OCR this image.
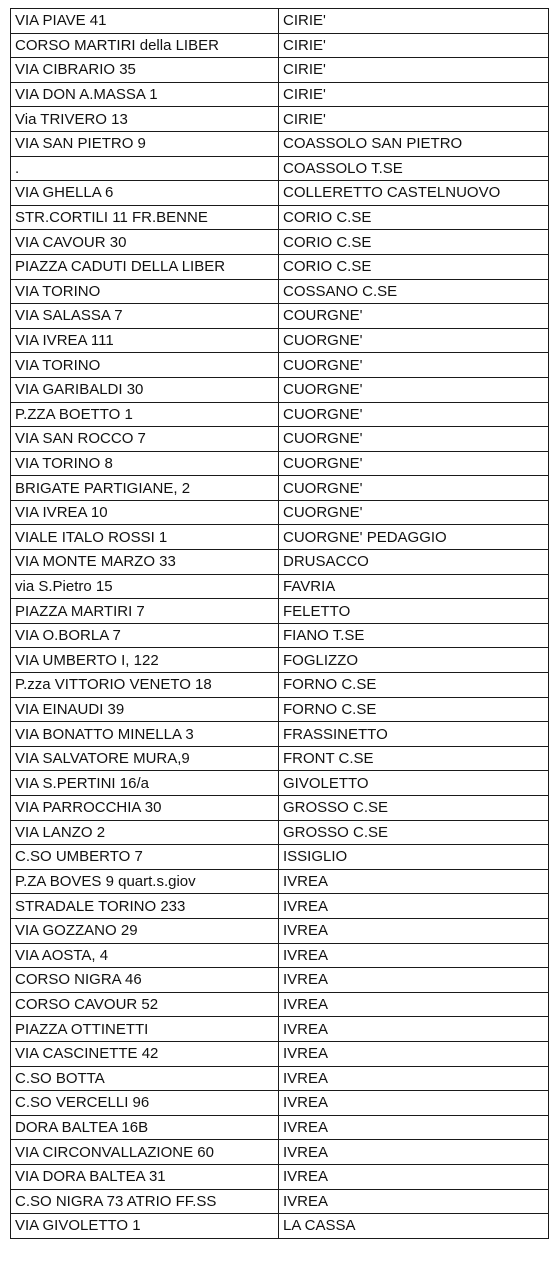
VIA PIAVE 41	CIRIE'
CORSO MARTIRI della LIBER	CIRIE'
VIA CIBRARIO 35	CIRIE'
VIA DON A.MASSA 1	CIRIE'
Via TRIVERO 13	CIRIE'
VIA SAN PIETRO 9	COASSOLO SAN PIETRO
.	COASSOLO T.SE
VIA GHELLA 6	COLLERETTO CASTELNUOVO
STR.CORTILI 11 FR.BENNE	CORIO C.SE
VIA CAVOUR 30	CORIO C.SE
PIAZZA CADUTI DELLA LIBER	CORIO C.SE
VIA TORINO	COSSANO C.SE
VIA SALASSA 7	COURGNE'
VIA IVREA 111	CUORGNE'
VIA TORINO	CUORGNE'
VIA GARIBALDI 30	CUORGNE'
P.ZZA BOETTO 1	CUORGNE'
VIA SAN ROCCO 7	CUORGNE'
VIA TORINO 8	CUORGNE'
BRIGATE PARTIGIANE, 2	CUORGNE'
VIA IVREA 10	CUORGNE'
VIALE ITALO ROSSI 1	CUORGNE' PEDAGGIO
VIA MONTE MARZO 33	DRUSACCO
via S.Pietro 15	FAVRIA
PIAZZA MARTIRI 7	FELETTO
VIA O.BORLA 7	FIANO T.SE
VIA UMBERTO I, 122	FOGLIZZO
P.zza VITTORIO VENETO 18	FORNO C.SE
VIA EINAUDI 39	FORNO C.SE
VIA BONATTO MINELLA 3	FRASSINETTO
VIA SALVATORE MURA,9	FRONT C.SE
VIA S.PERTINI 16/a	GIVOLETTO
VIA PARROCCHIA 30	GROSSO C.SE
VIA LANZO 2	GROSSO C.SE
C.SO UMBERTO 7	ISSIGLIO
P.ZA BOVES 9 quart.s.giov	IVREA
STRADALE TORINO 233	IVREA
VIA GOZZANO 29	IVREA
VIA AOSTA, 4	IVREA
CORSO NIGRA 46	IVREA
CORSO CAVOUR 52	IVREA
PIAZZA OTTINETTI	IVREA
VIA CASCINETTE 42	IVREA
C.SO BOTTA	IVREA
C.SO VERCELLI 96	IVREA
DORA BALTEA 16B	IVREA
VIA CIRCONVALLAZIONE 60	IVREA
VIA DORA BALTEA 31	IVREA
C.SO NIGRA 73 ATRIO FF.SS	IVREA
VIA GIVOLETTO 1	LA CASSA
